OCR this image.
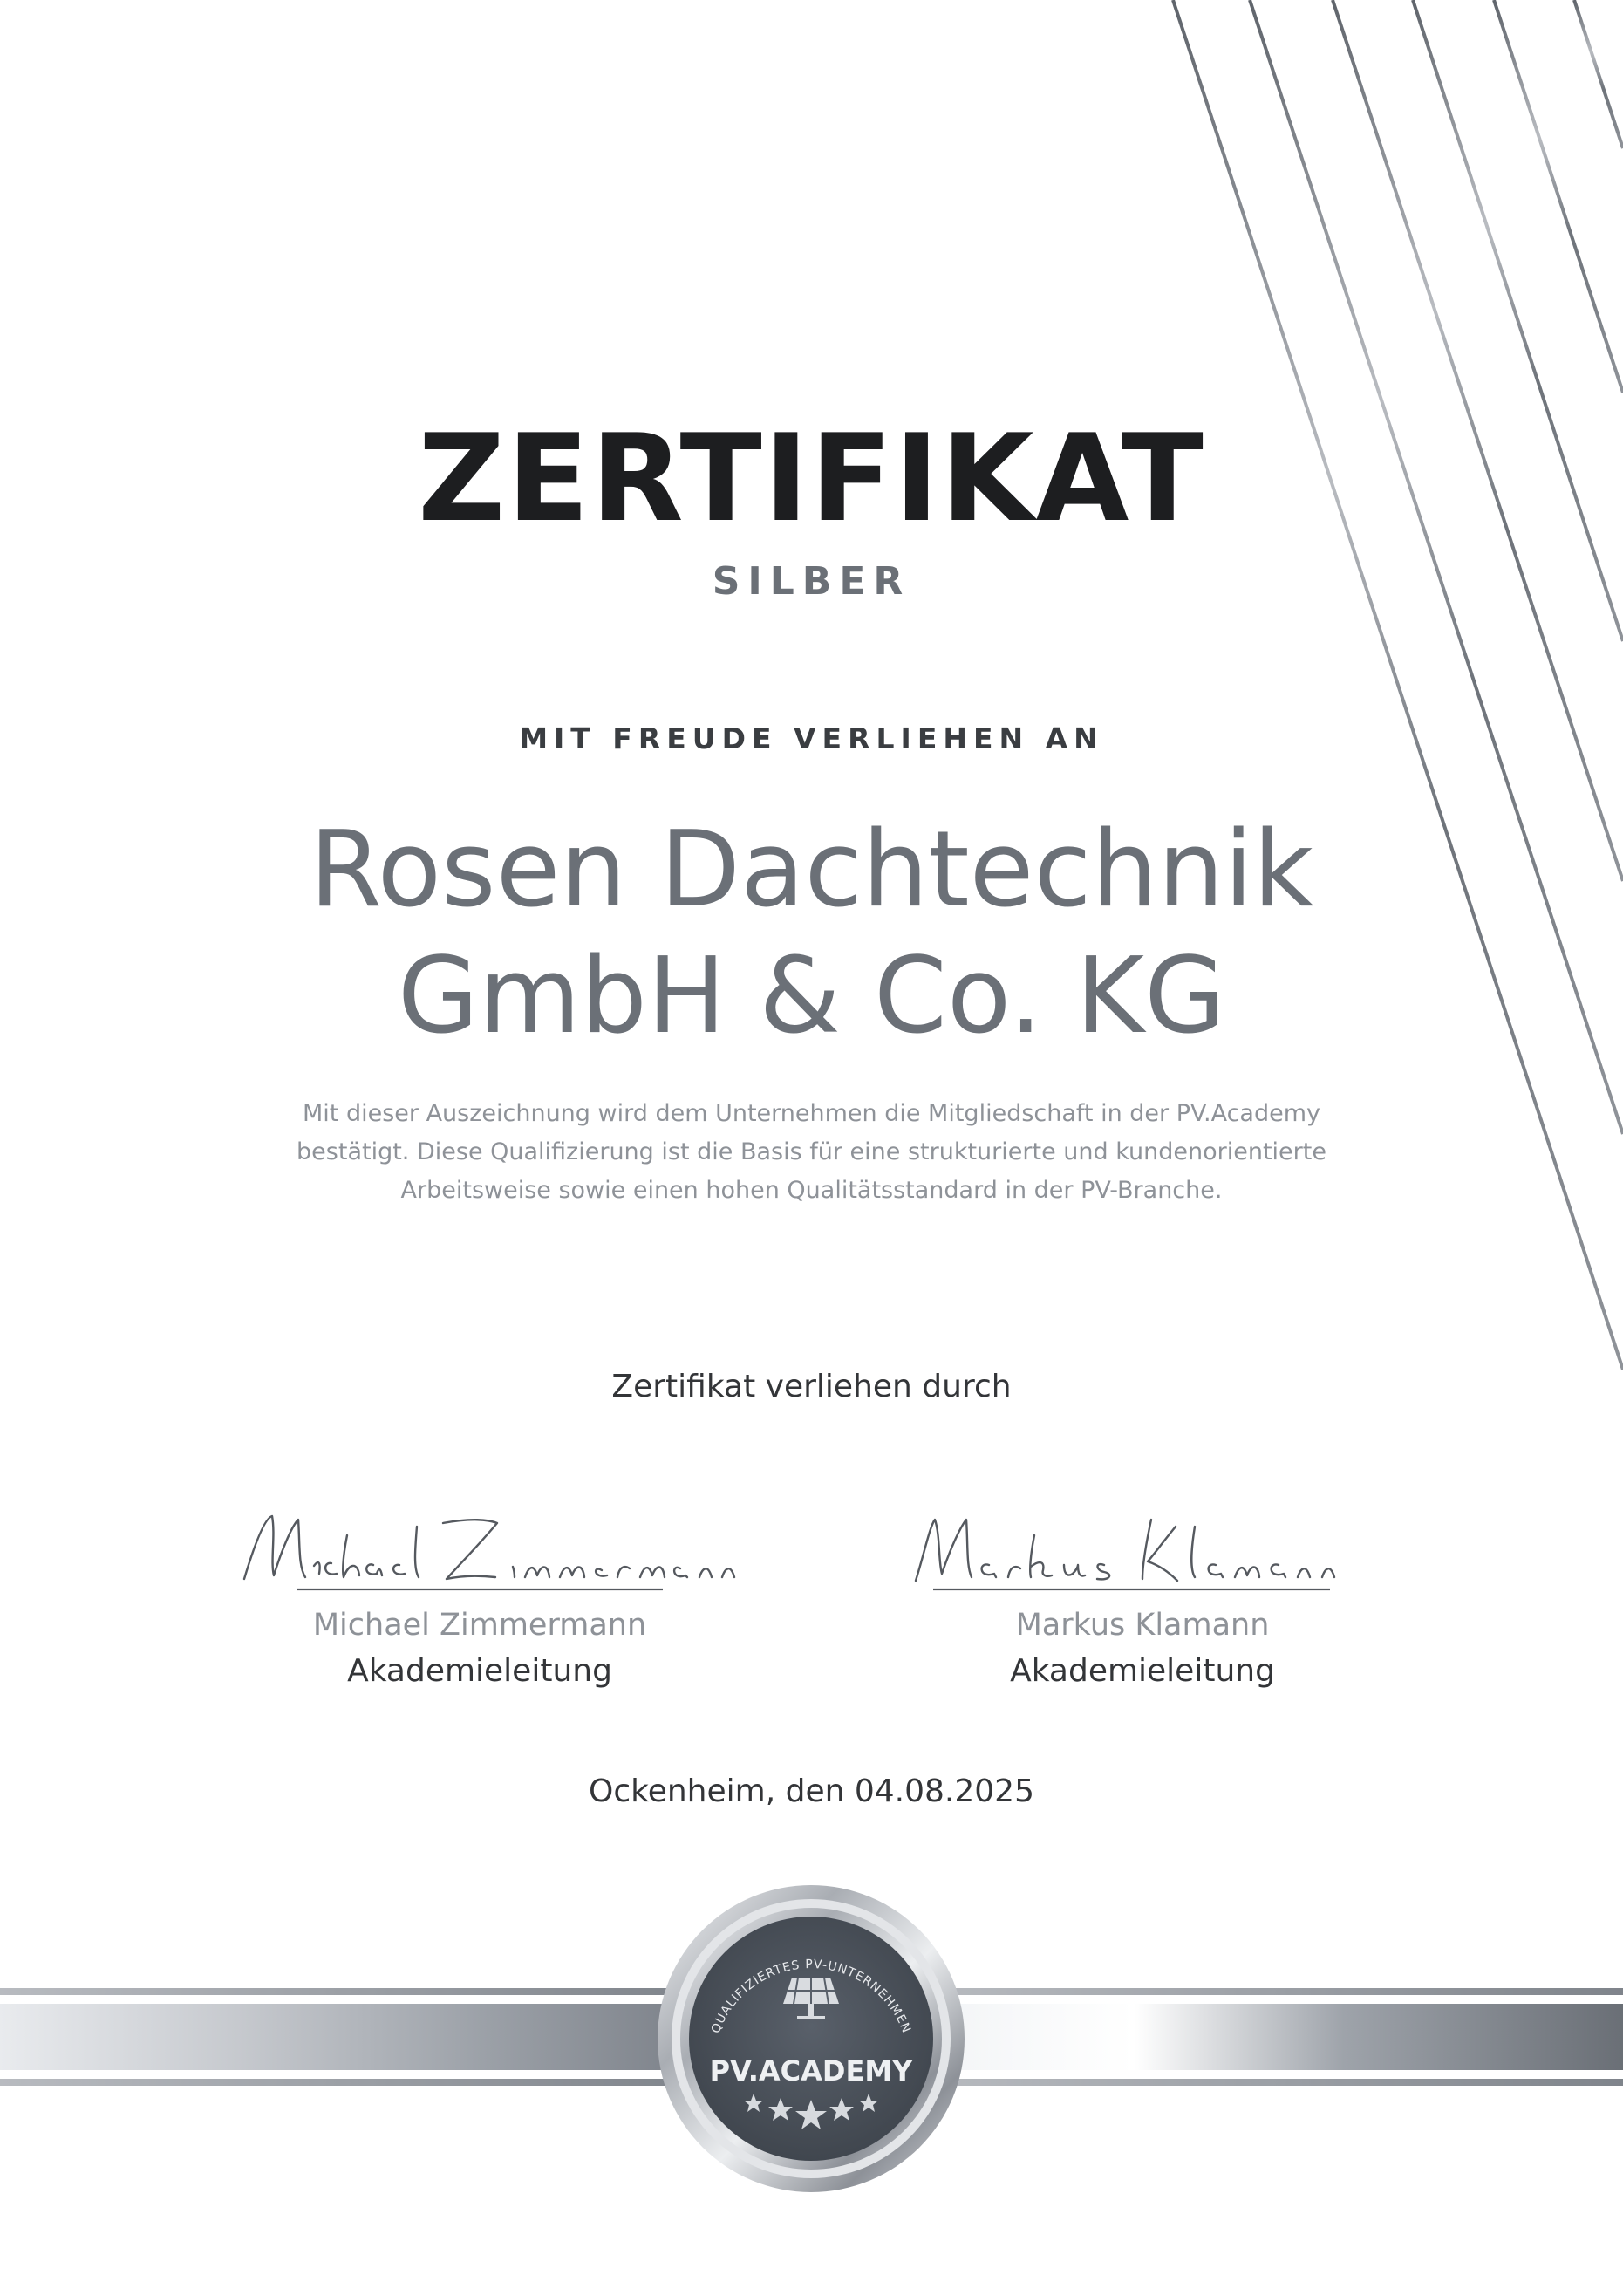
ZERTIFIKAT
SILBER
MIT FREUDE VERLIEHEN AN
Rosen Dachtechnik
GmbH & Co. KG
Mit dieser Auszeichnung wird dem Unternehmen die Mitgliedschaft in der PV.Academy
bestätigt. Diese Qualifizierung ist die Basis für eine strukturierte und kundenorientierte
Arbeitsweise sowie einen hohen Qualitätsstandard in der PV-Branche.
Zertifikat verliehen durch
Michael Zimmermann
Akademieleitung
Markus Klamann
Akademieleitung
Ockenheim, den 04.08.2025
QUALIFIZIERTES PV-UNTERNEHMEN
PV.ACADEMY
